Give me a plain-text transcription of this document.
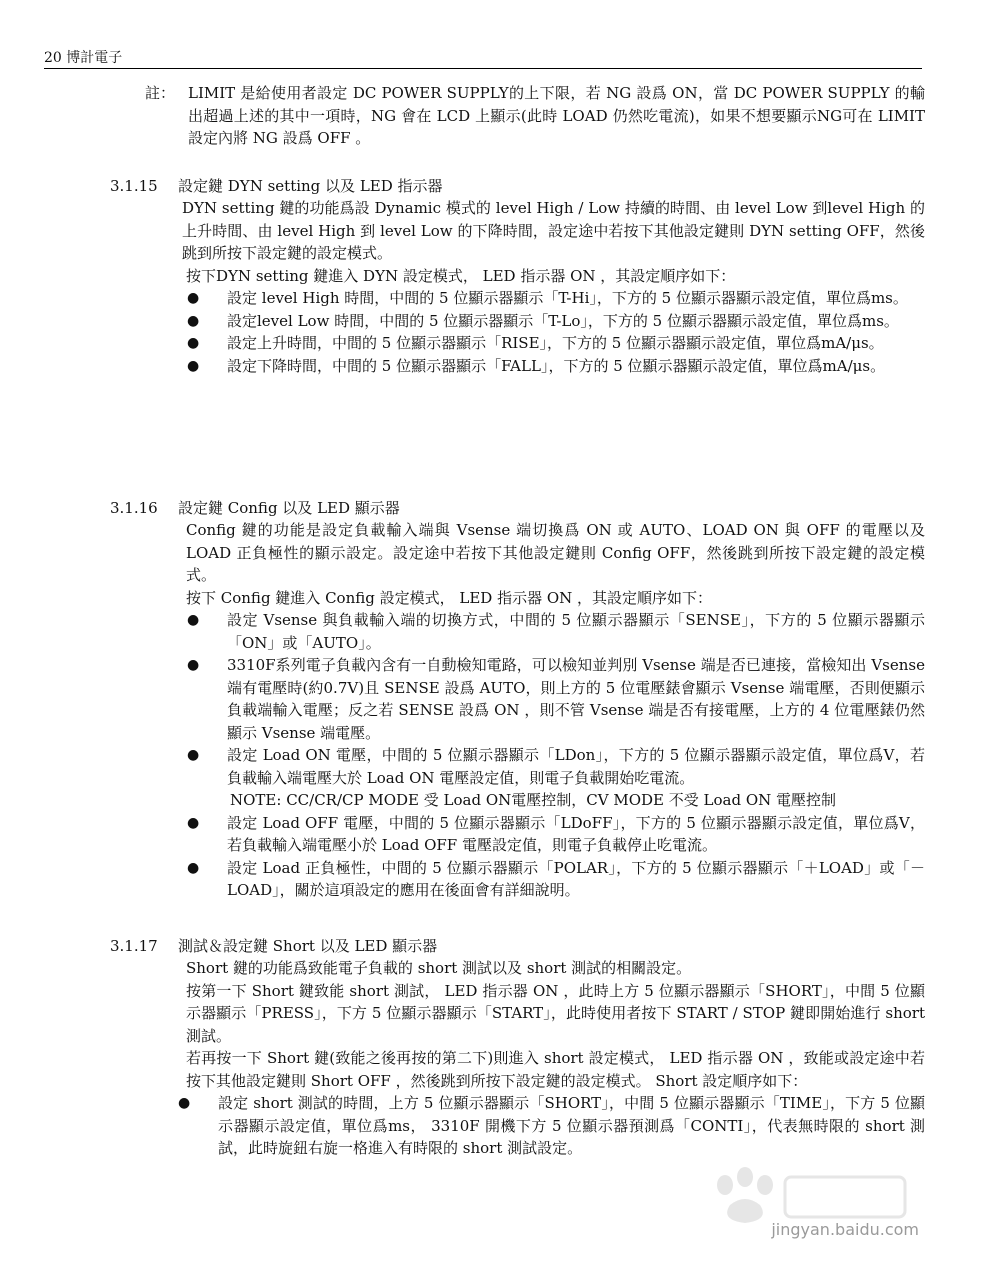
20 博計電子
註： LIMIT 是給使用者設定 DC POWER SUPPLY的上下限，若 NG 設爲 ON，當 DC POWER SUPPLY 的輸出超過上述的其中一項時，NG 會在 LCD 上顯示(此時 LOAD 仍然吃電流)，如果不想要顯示NG可在 LIMIT 設定內將 NG 設爲 OFF 。
3.1.15 設定鍵 DYN setting 以及 LED 指示器
DYN setting 鍵的功能爲設 Dynamic 模式的 level High / Low 持續的時間、由 level Low 到level High 的上升時間、由 level High 到 level Low 的下降時間，設定途中若按下其他設定鍵則 DYN setting OFF，然後跳到所按下設定鍵的設定模式。
按下DYN setting 鍵進入 DYN 設定模式， LED 指示器 ON ，其設定順序如下：
● 設定 level High 時間，中間的 5 位顯示器顯示「T-Hi」，下方的 5 位顯示器顯示設定值，單位爲ms。
● 設定level Low 時間，中間的 5 位顯示器顯示「T-Lo」，下方的 5 位顯示器顯示設定值，單位爲ms。
● 設定上升時間，中間的 5 位顯示器顯示「RISE」，下方的 5 位顯示器顯示設定值，單位爲mA/μs。
● 設定下降時間，中間的 5 位顯示器顯示「FALL」，下方的 5 位顯示器顯示設定值，單位爲mA/μs。
3.1.16 設定鍵 Config 以及 LED 顯示器
Config 鍵的功能是設定負載輸入端與 Vsense 端切換爲 ON 或 AUTO、LOAD ON 與 OFF 的電壓以及 LOAD 正負極性的顯示設定。設定途中若按下其他設定鍵則 Config OFF，然後跳到所按下設定鍵的設定模式。
按下 Config 鍵進入 Config 設定模式， LED 指示器 ON ，其設定順序如下：
● 設定 Vsense 與負載輸入端的切換方式，中間的 5 位顯示器顯示「SENSE」，下方的 5 位顯示器顯示「ON」或「AUTO」。
● 3310F系列電子負載內含有一自動檢知電路，可以檢知並判別 Vsense 端是否已連接，當檢知出 Vsense 端有電壓時(約0.7V)且 SENSE 設爲 AUTO，則上方的 5 位電壓錶會顯示 Vsense 端電壓，否則便顯示負載端輸入電壓；反之若 SENSE 設爲 ON ，則不管 Vsense 端是否有接電壓，上方的 4 位電壓錶仍然顯示 Vsense 端電壓。
● 設定 Load ON 電壓，中間的 5 位顯示器顯示「LDon」，下方的 5 位顯示器顯示設定值，單位爲V，若負載輸入端電壓大於 Load ON 電壓設定值，則電子負載開始吃電流。
NOTE: CC/CR/CP MODE 受 Load ON電壓控制，CV MODE 不受 Load ON 電壓控制
● 設定 Load OFF 電壓，中間的 5 位顯示器顯示「LDoFF」，下方的 5 位顯示器顯示設定值，單位爲V，若負載輸入端電壓小於 Load OFF 電壓設定值，則電子負載停止吃電流。
● 設定 Load 正負極性，中間的 5 位顯示器顯示「POLAR」，下方的 5 位顯示器顯示「＋LOAD」或「－LOAD」，關於這項設定的應用在後面會有詳細說明。
3.1.17 測試＆設定鍵 Short 以及 LED 顯示器
Short 鍵的功能爲致能電子負載的 short 測試以及 short 測試的相關設定。
按第一下 Short 鍵致能 short 測試， LED 指示器 ON ，此時上方 5 位顯示器顯示「SHORT」，中間 5 位顯示器顯示「PRESS」，下方 5 位顯示器顯示「START」，此時使用者按下 START / STOP 鍵即開始進行 short 測試。
若再按一下 Short 鍵(致能之後再按的第二下)則進入 short 設定模式， LED 指示器 ON ，致能或設定途中若按下其他設定鍵則 Short OFF ，然後跳到所按下設定鍵的設定模式。 Short 設定順序如下：
● 設定 short 測試的時間，上方 5 位顯示器顯示「SHORT」，中間 5 位顯示器顯示「TIME」，下方 5 位顯示器顯示設定值，單位爲ms， 3310F 開機下方 5 位顯示器預測爲「CONTI」，代表無時限的 short 測試，此時旋鈕右旋一格進入有時限的 short 測試設定。
jingyan.baidu.com
